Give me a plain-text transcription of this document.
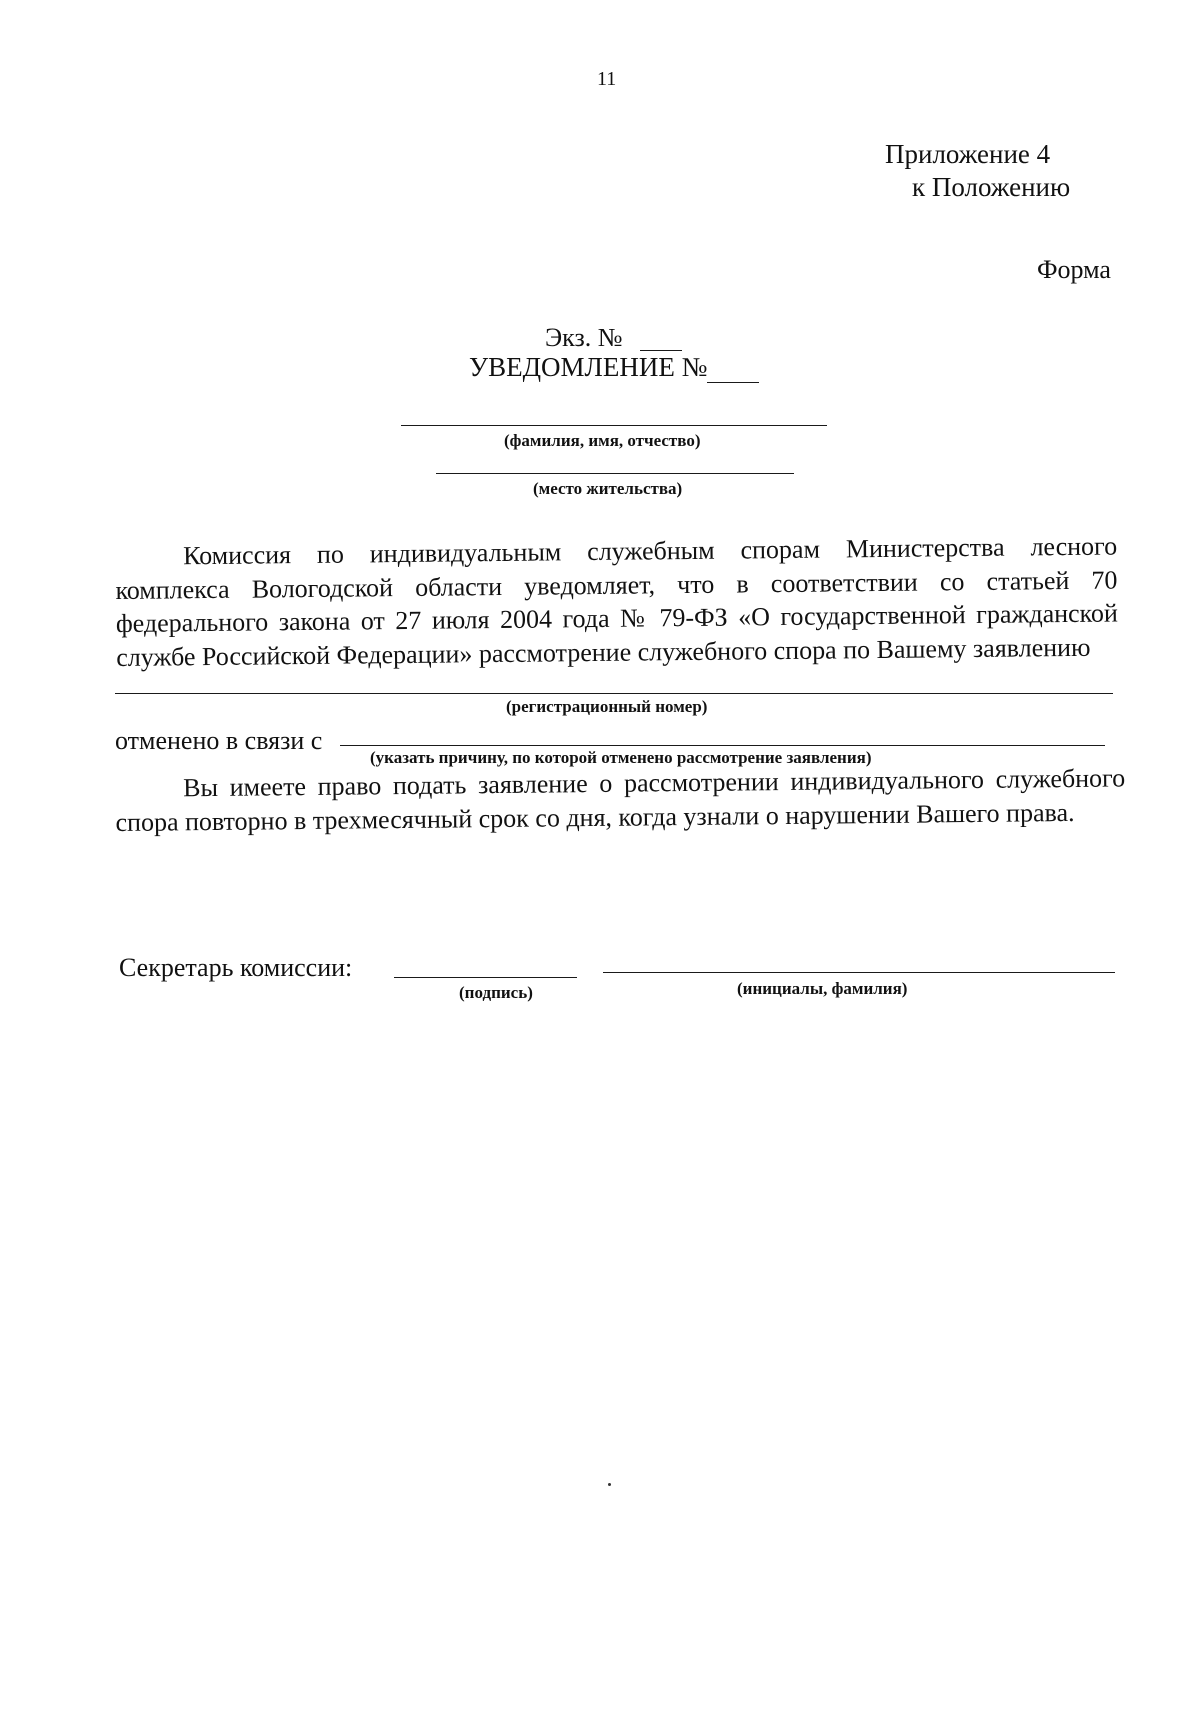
11
Приложение 4
к Положению
Форма
Экз. №
УВЕДОМЛЕНИЕ №
(фамилия, имя, отчество)
(место жительства)

Комиссия по индивидуальным служебным спорам Министерства лесного комплекса Вологодской области уведомляет, что в соответствии со статьей 70 федерального закона от 27 июля 2004 года № 79-ФЗ «О государственной гражданской службе Российской Федерации» рассмотрение служебного спора по Вашему заявлению

(регистрационный номер)
отменено в связи с
(указать причину, по которой отменено рассмотрение заявления)

Вы имеете право подать заявление о рассмотрении индивидуального служебного спора повторно в трехмесячный срок со дня, когда узнали о нарушении Вашего права.

Секретарь комиссии:
(подпись)	(инициалы, фамилия)
